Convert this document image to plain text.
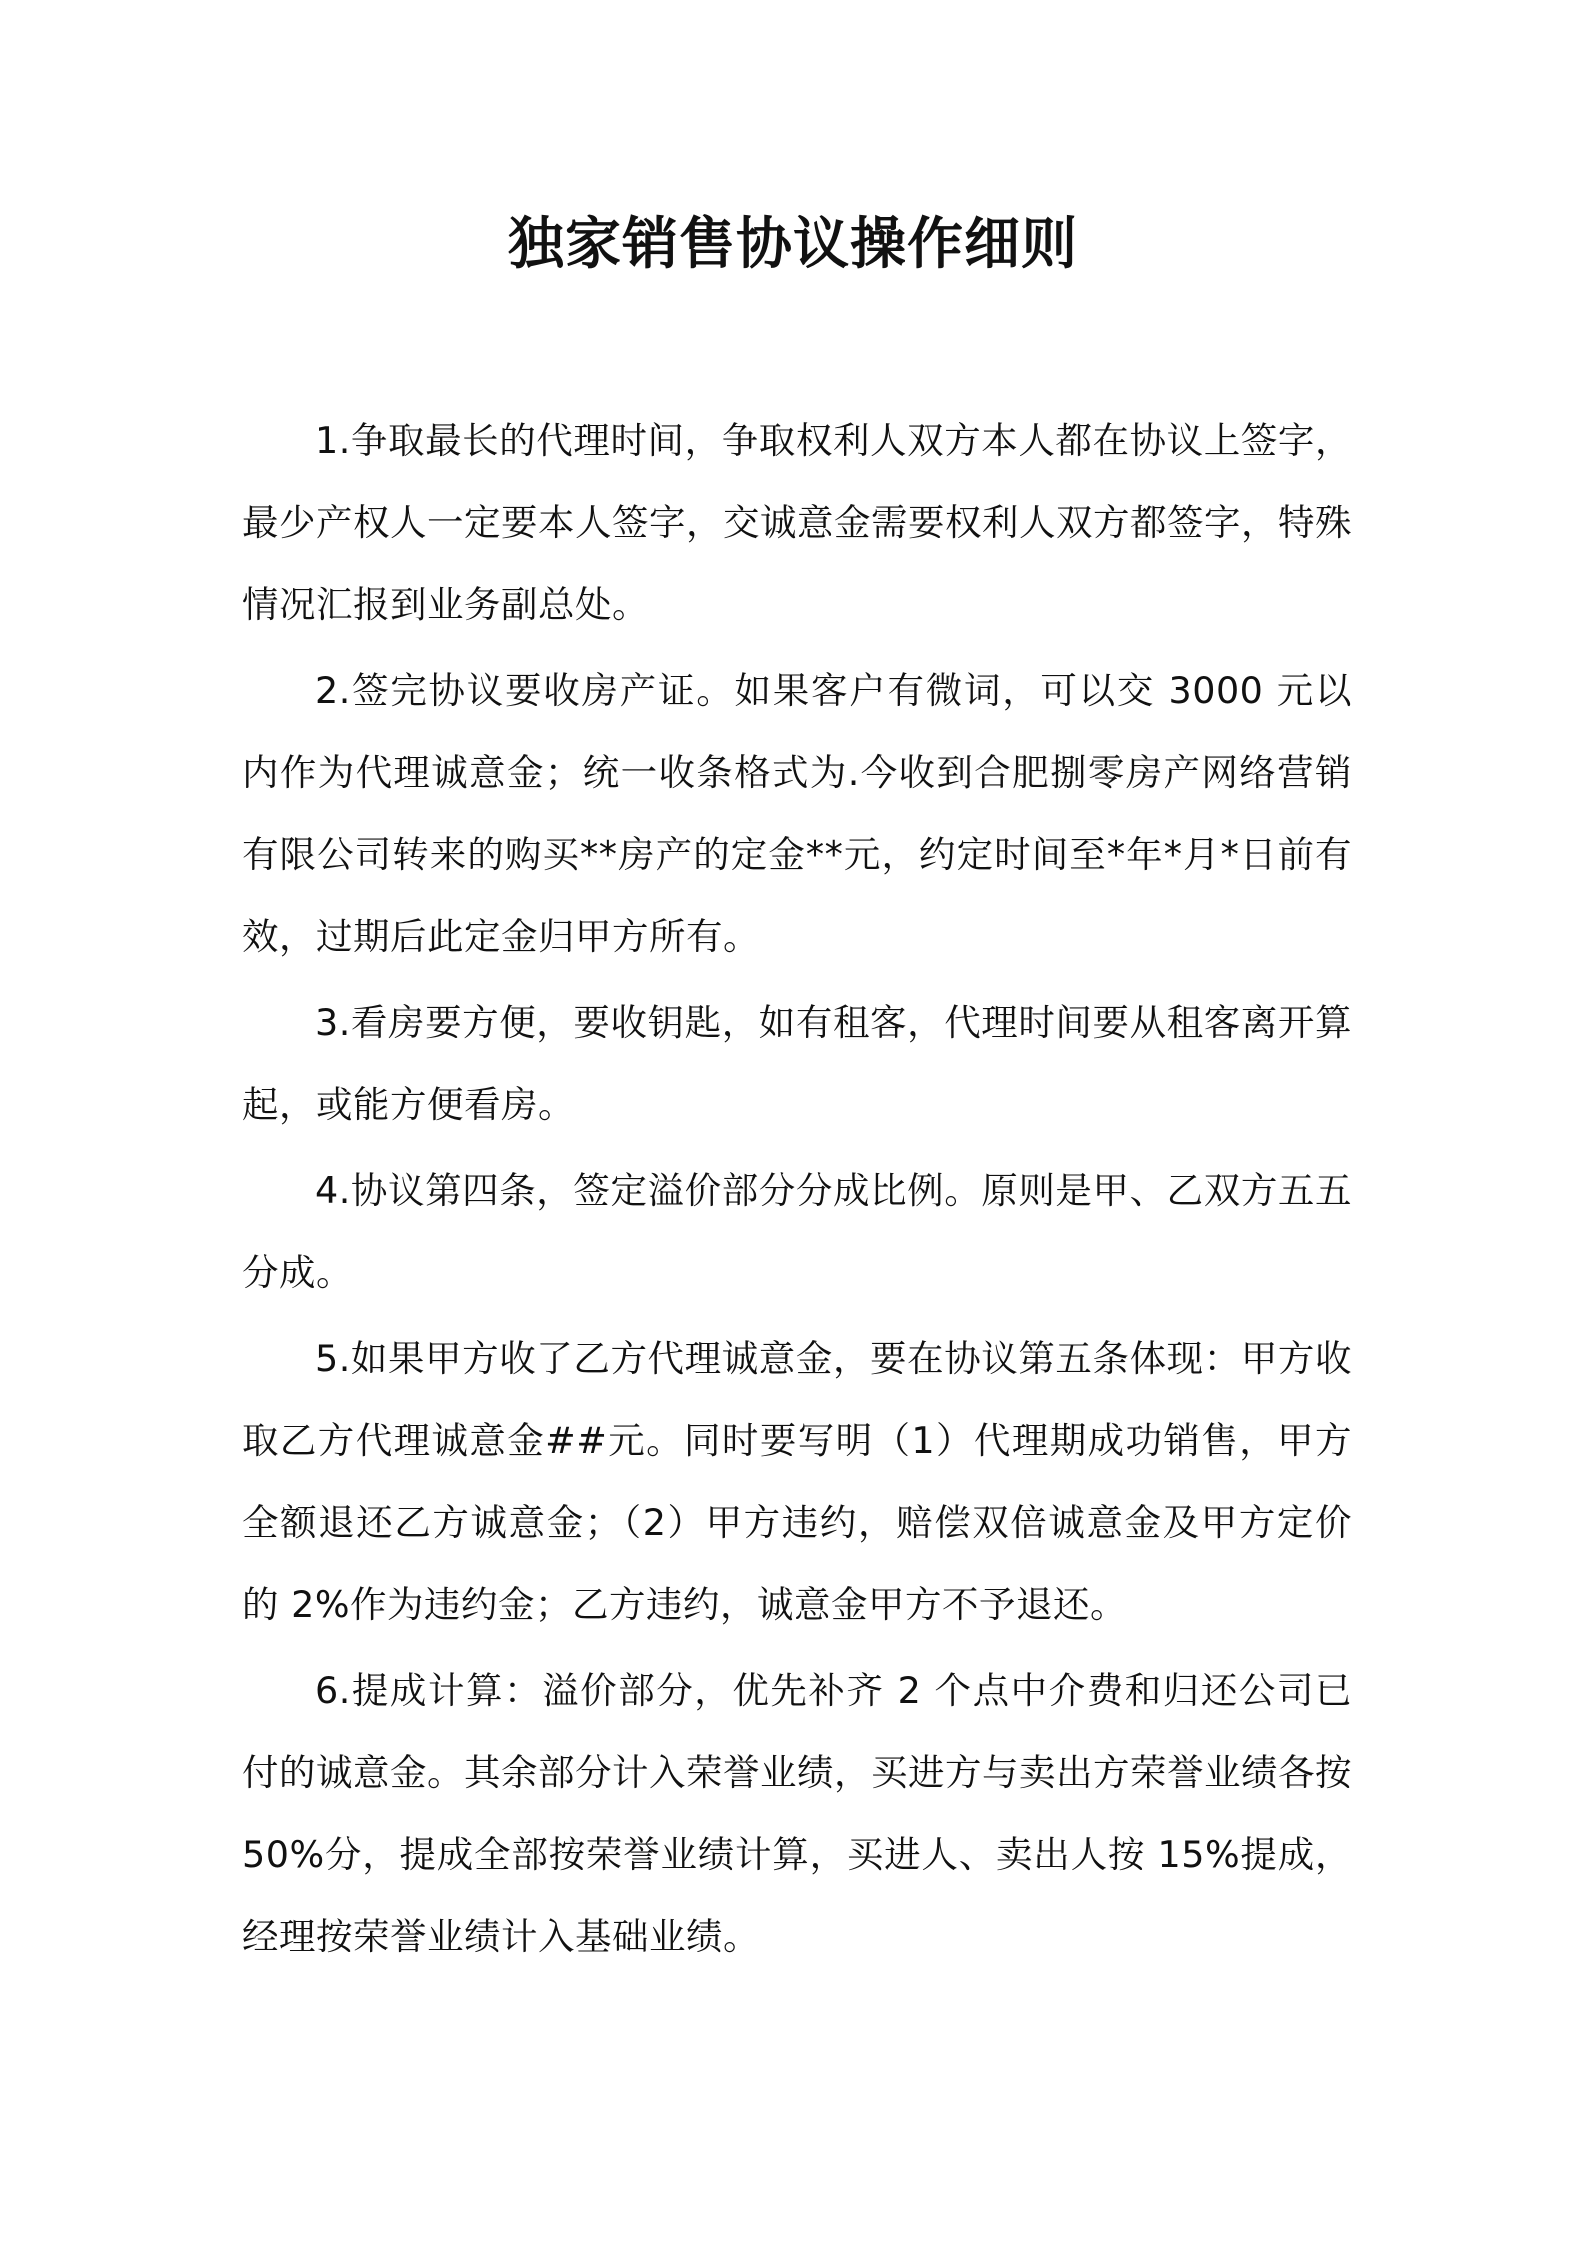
独家销售协议操作细则

1.争取最长的代理时间，争取权利人双方本人都在协议上签字，最少产权人一定要本人签字，交诚意金需要权利人双方都签字，特殊情况汇报到业务副总处。

2.签完协议要收房产证。如果客户有微词，可以交 3000 元以内作为代理诚意金；统一收条格式为.今收到合肥捌零房产网络营销有限公司转来的购买**房产的定金**元，约定时间至*年*月*日前有效，过期后此定金归甲方所有。

3.看房要方便，要收钥匙，如有租客，代理时间要从租客离开算起，或能方便看房。

4.协议第四条，签定溢价部分分成比例。原则是甲、乙双方五五分成。

5.如果甲方收了乙方代理诚意金，要在协议第五条体现：甲方收取乙方代理诚意金##元。同时要写明（1）代理期成功销售，甲方全额退还乙方诚意金；（2）甲方违约，赔偿双倍诚意金及甲方定价的 2%作为违约金；乙方违约，诚意金甲方不予退还。

6.提成计算：溢价部分，优先补齐 2 个点中介费和归还公司已付的诚意金。其余部分计入荣誉业绩，买进方与卖出方荣誉业绩各按 50%分，提成全部按荣誉业绩计算，买进人、卖出人按 15%提成，经理按荣誉业绩计入基础业绩。
